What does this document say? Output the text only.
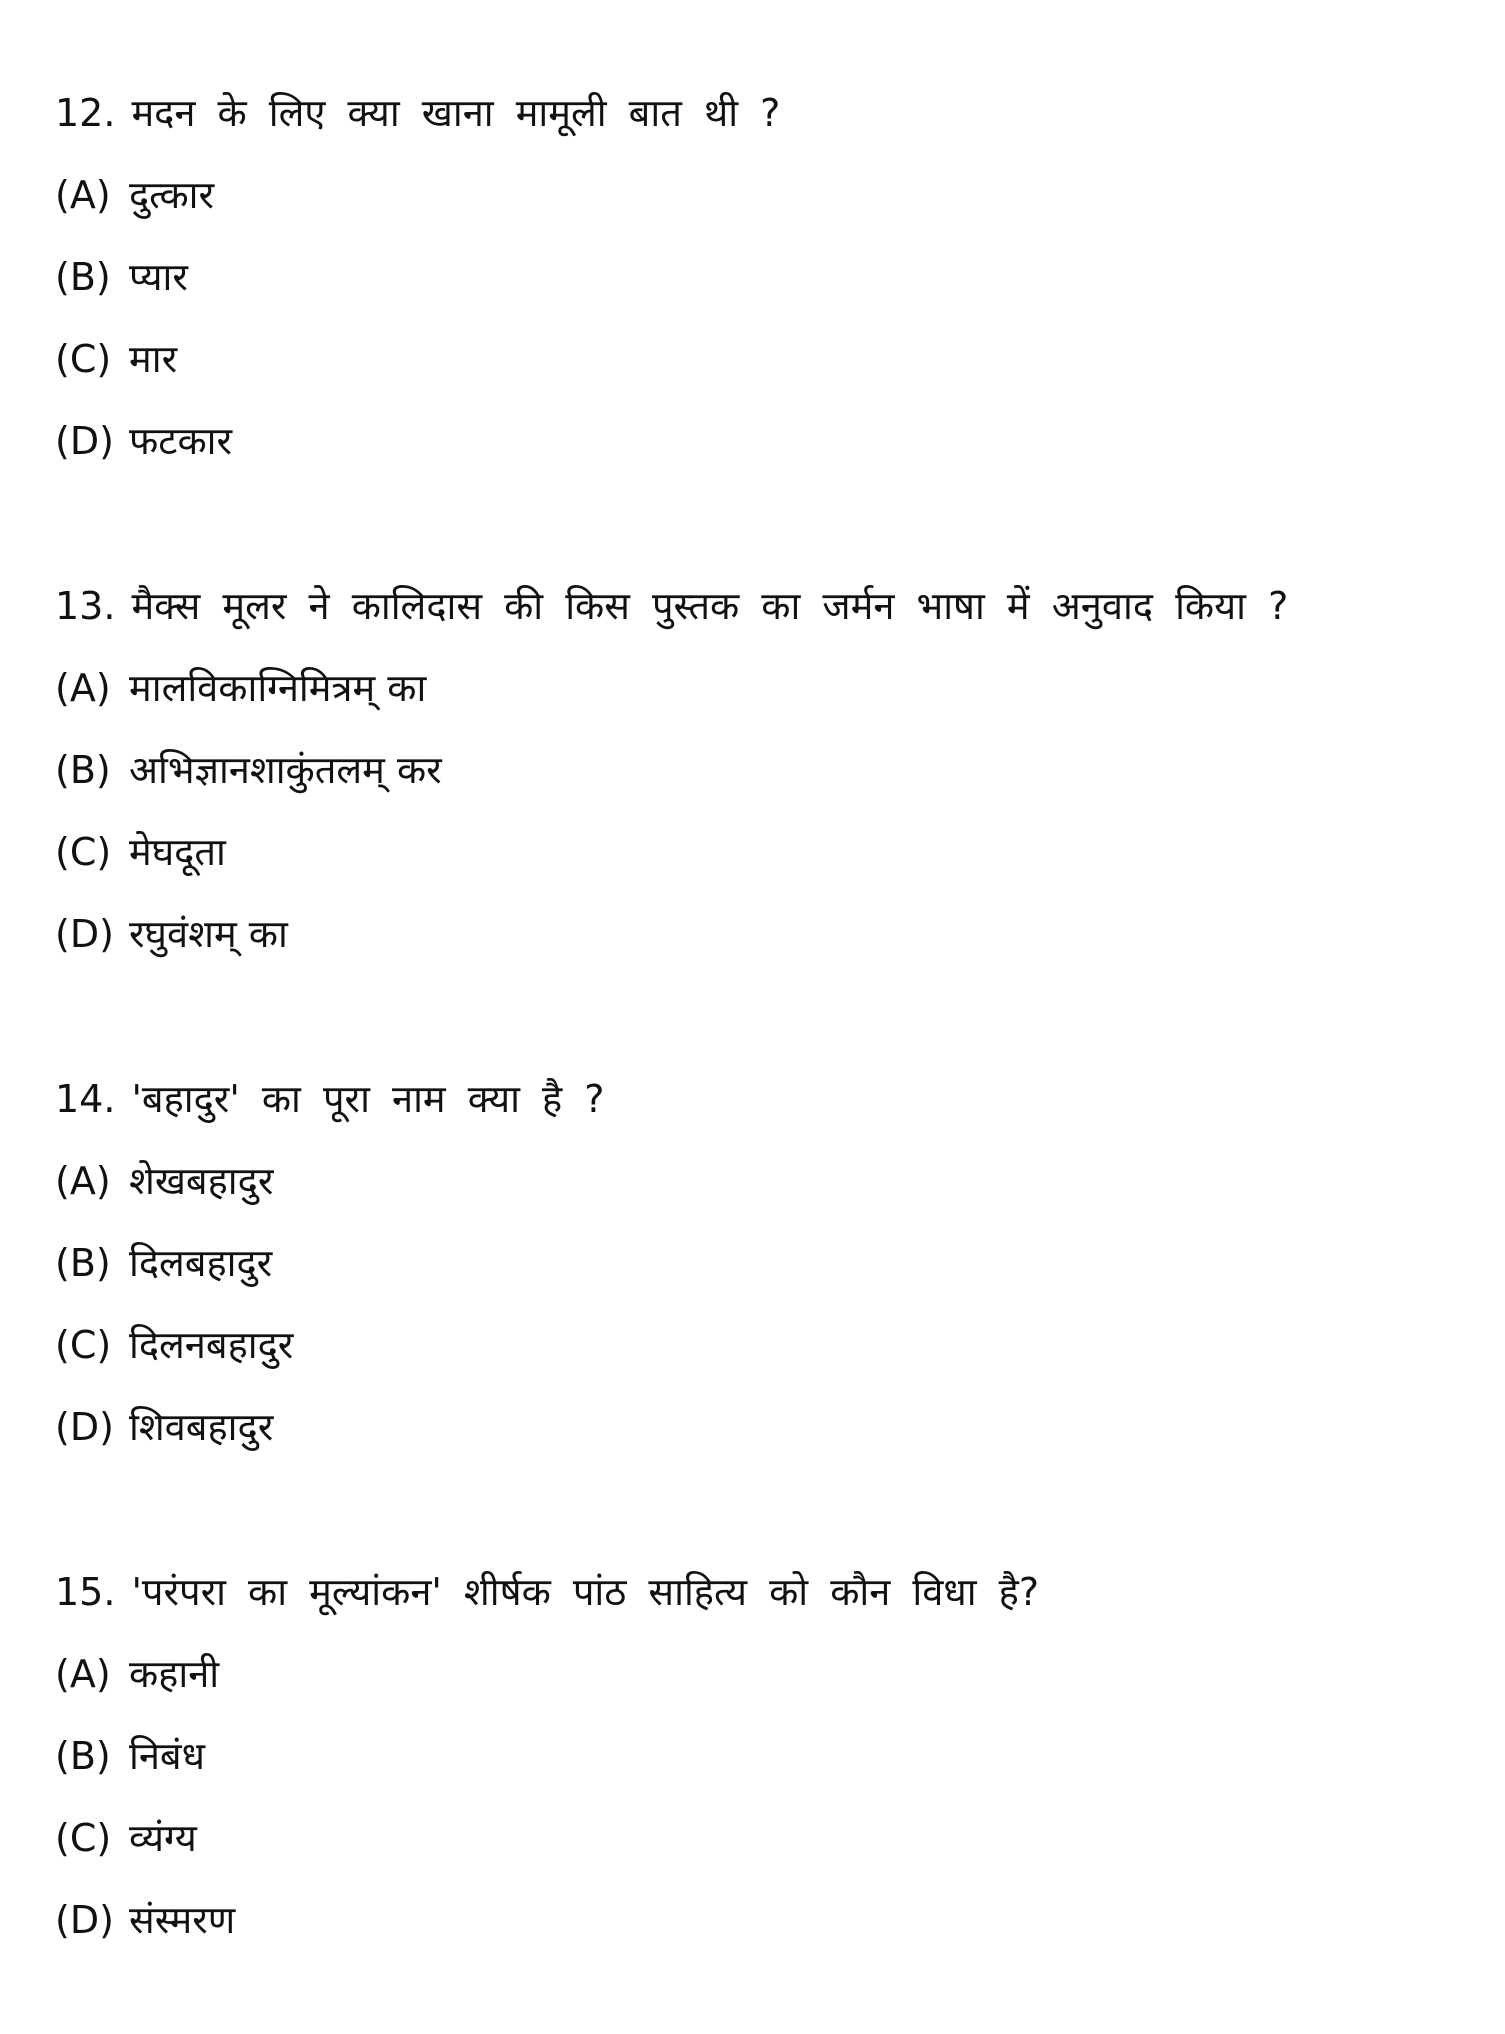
12. मदन के लिए क्या खाना मामूली बात थी ?
(A) दुत्कार
(B) प्यार
(C) मार
(D) फटकार
13. मैक्स मूलर ने कालिदास की किस पुस्तक का जर्मन भाषा में अनुवाद किया ?
(A) मालविकाग्निमित्रम् का
(B) अभिज्ञानशाकुंतलम् कर
(C) मेघदूता
(D) रघुवंशम् का
14. 'बहादुर' का पूरा नाम क्या है ?
(A) शेखबहादुर
(B) दिलबहादुर
(C) दिलनबहादुर
(D) शिवबहादुर
15. 'परंपरा का मूल्यांकन' शीर्षक पांठ साहित्य को कौन विधा है?
(A) कहानी
(B) निबंध
(C) व्यंग्य
(D) संस्मरण
